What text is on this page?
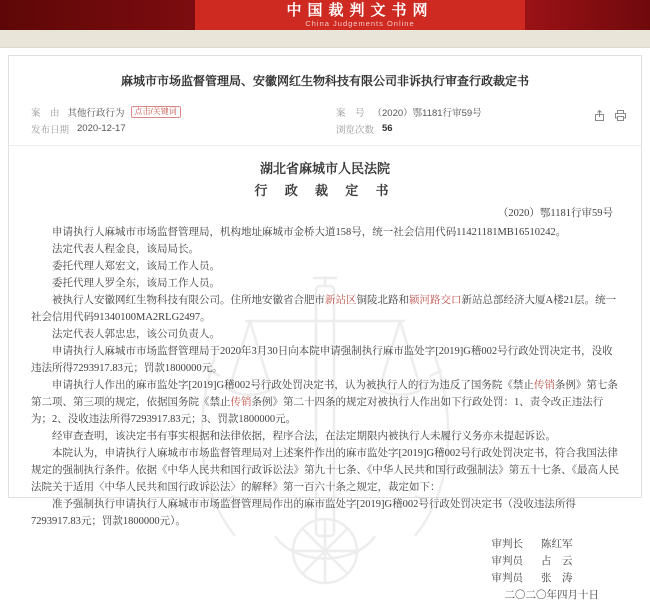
中国裁判文书网
China Judgements Online
麻城市市场监督管理局、安徽网红生物科技有限公司非诉执行审查行政裁定书
案　由 其他行政行为	点击/关键词	案　号 （2020）鄂1181行审59号
发布日期 2020-12-17	浏览次数 56
湖北省麻城市人民法院
行 政 裁 定 书
（2020）鄂1181行审59号

申请执行人麻城市市场监督管理局，机构地址麻城市金桥大道158号，统一社会信用代码11421181MB16510242。

法定代表人程金良，该局局长。

委托代理人郑宏文，该局工作人员。

委托代理人罗全东，该局工作人员。

被执行人安徽网红生物科技有限公司。住所地安徽省合肥市新站区铜陵北路和颍河路交口新站总部经济大厦A楼21层。统一社会信用代码91340100MA2RLG2497。

法定代表人郭忠忠，该公司负责人。

申请执行人麻城市市场监督管理局于2020年3月30日向本院申请强制执行麻市监处字[2019]G稽002号行政处罚决定书，没收违法所得7293917.83元；罚款1800000元。

申请执行人作出的麻市监处字[2019]G稽002号行政处罚决定书，认为被执行人的行为违反了国务院《禁止传销条例》第七条第二项、第三项的规定，依据国务院《禁止传销条例》第二十四条的规定对被执行人作出如下行政处罚：1、责令改正违法行为；2、没收违法所得7293917.83元；3、罚款1800000元。

经审查查明，该决定书有事实根据和法律依据，程序合法，在法定期限内被执行人未履行义务亦未提起诉讼。

本院认为，申请执行人麻城市市场监督管理局对上述案件作出的麻市监处字[2019]G稽002号行政处罚决定书，符合我国法律规定的强制执行条件。依据《中华人民共和国行政诉讼法》第九十七条、《中华人民共和国行政强制法》第五十七条、《最高人民法院关于适用〈中华人民共和国行政诉讼法〉的解释》第一百六十条之规定，裁定如下：

准予强制执行申请执行人麻城市市场监督管理局作出的麻市监处字[2019]G稽002号行政处罚决定书（没收违法所得7293917.83元；罚款1800000元）。

审判长 陈红军
审判员 占　云
审判员 张　涛
二〇二〇年四月十日
